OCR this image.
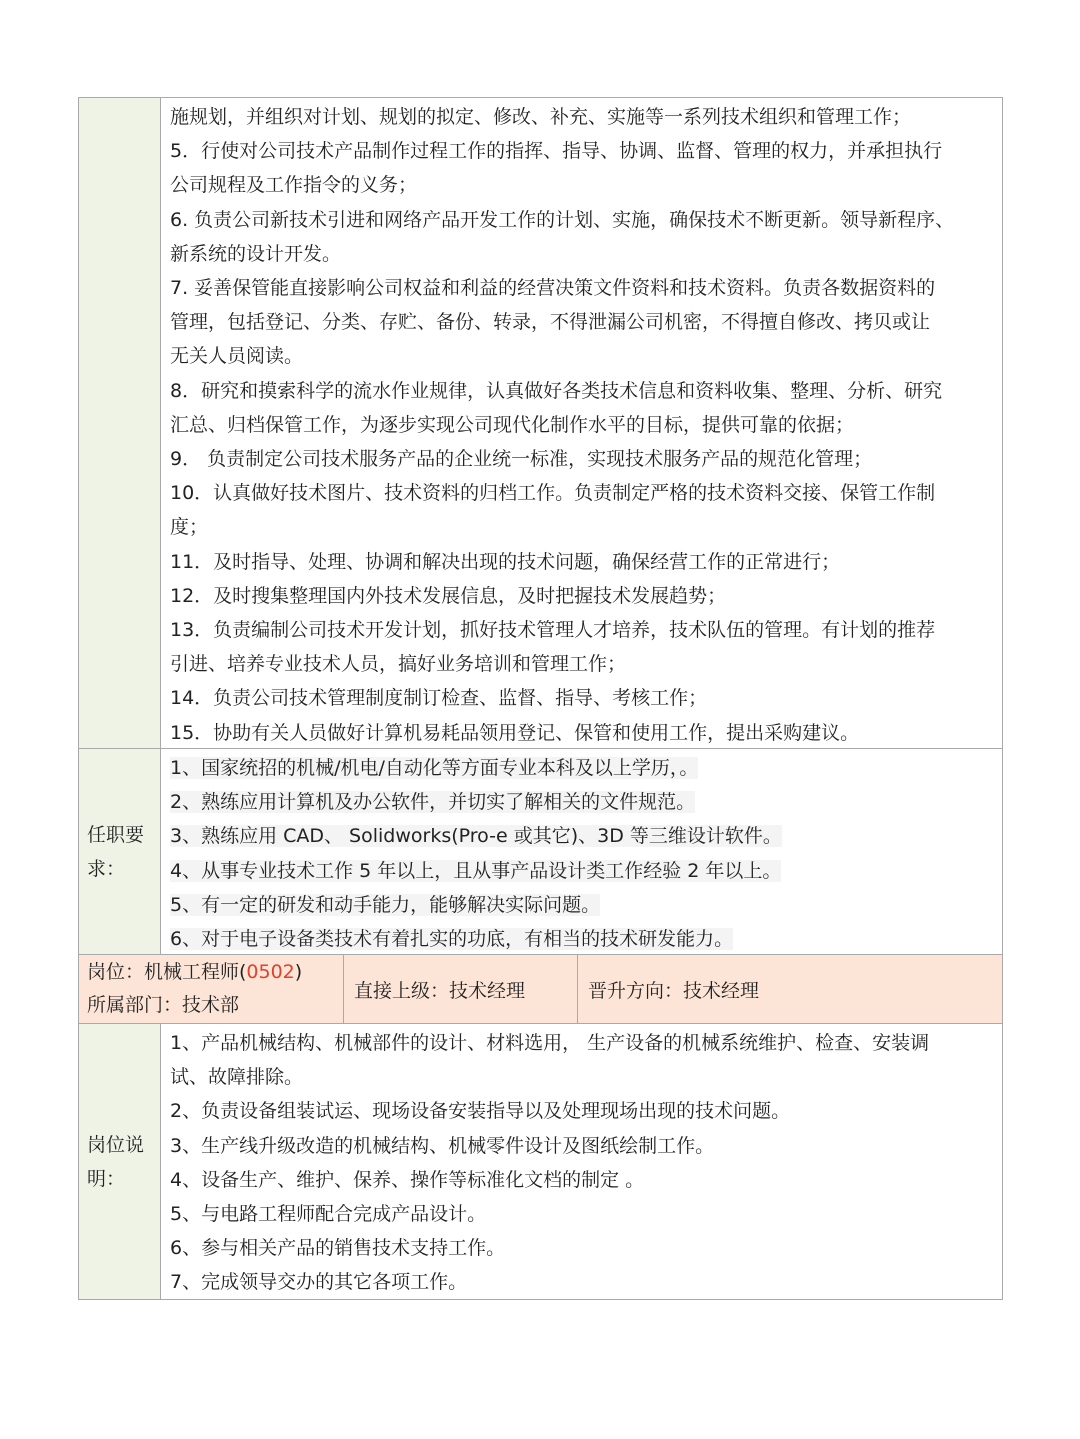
施规划，并组织对计划、规划的拟定、修改、补充、实施等一系列技术组织和管理工作；
5．行使对公司技术产品制作过程工作的指挥、指导、协调、监督、管理的权力，并承担执行
公司规程及工作指令的义务；
6. 负责公司新技术引进和网络产品开发工作的计划、实施，确保技术不断更新。领导新程序、
新系统的设计开发。
7. 妥善保管能直接影响公司权益和利益的经营决策文件资料和技术资料。负责各数据资料的
管理，包括登记、分类、存贮、备份、转录，不得泄漏公司机密，不得擅自修改、拷贝或让
无关人员阅读。
8．研究和摸索科学的流水作业规律，认真做好各类技术信息和资料收集、整理、分析、研究
汇总、归档保管工作，为逐步实现公司现代化制作水平的目标，提供可靠的依据；
9． 负责制定公司技术服务产品的企业统一标准，实现技术服务产品的规范化管理；
10．认真做好技术图片、技术资料的归档工作。负责制定严格的技术资料交接、保管工作制
度；
11．及时指导、处理、协调和解决出现的技术问题，确保经营工作的正常进行；
12．及时搜集整理国内外技术发展信息，及时把握技术发展趋势；
13．负责编制公司技术开发计划，抓好技术管理人才培养，技术队伍的管理。有计划的推荐
引进、培养专业技术人员，搞好业务培训和管理工作；
14．负责公司技术管理制度制订检查、监督、指导、考核工作；
15．协助有关人员做好计算机易耗品领用登记、保管和使用工作，提出采购建议。
任职要
求：
1、国家统招的机械/机电/自动化等方面专业本科及以上学历，。
2、熟练应用计算机及办公软件，并切实了解相关的文件规范。
3、熟练应用 CAD、 Solidworks(Pro-e 或其它)、3D 等三维设计软件。
4、从事专业技术工作 5 年以上，且从事产品设计类工作经验 2 年以上。
5、有一定的研发和动手能力，能够解决实际问题。
6、对于电子设备类技术有着扎实的功底，有相当的技术研发能力。
岗位：机械工程师(0502)
所属部门：技术部
直接上级：技术经理	晋升方向：技术经理
岗位说
明：
1、产品机械结构、机械部件的设计、材料选用， 生产设备的机械系统维护、检查、安装调
试、故障排除。
2、负责设备组装试运、现场设备安装指导以及处理现场出现的技术问题。
3、生产线升级改造的机械结构、机械零件设计及图纸绘制工作。
4、设备生产、维护、保养、操作等标准化文档的制定 。
5、与电路工程师配合完成产品设计。
6、参与相关产品的销售技术支持工作。
7、完成领导交办的其它各项工作。
